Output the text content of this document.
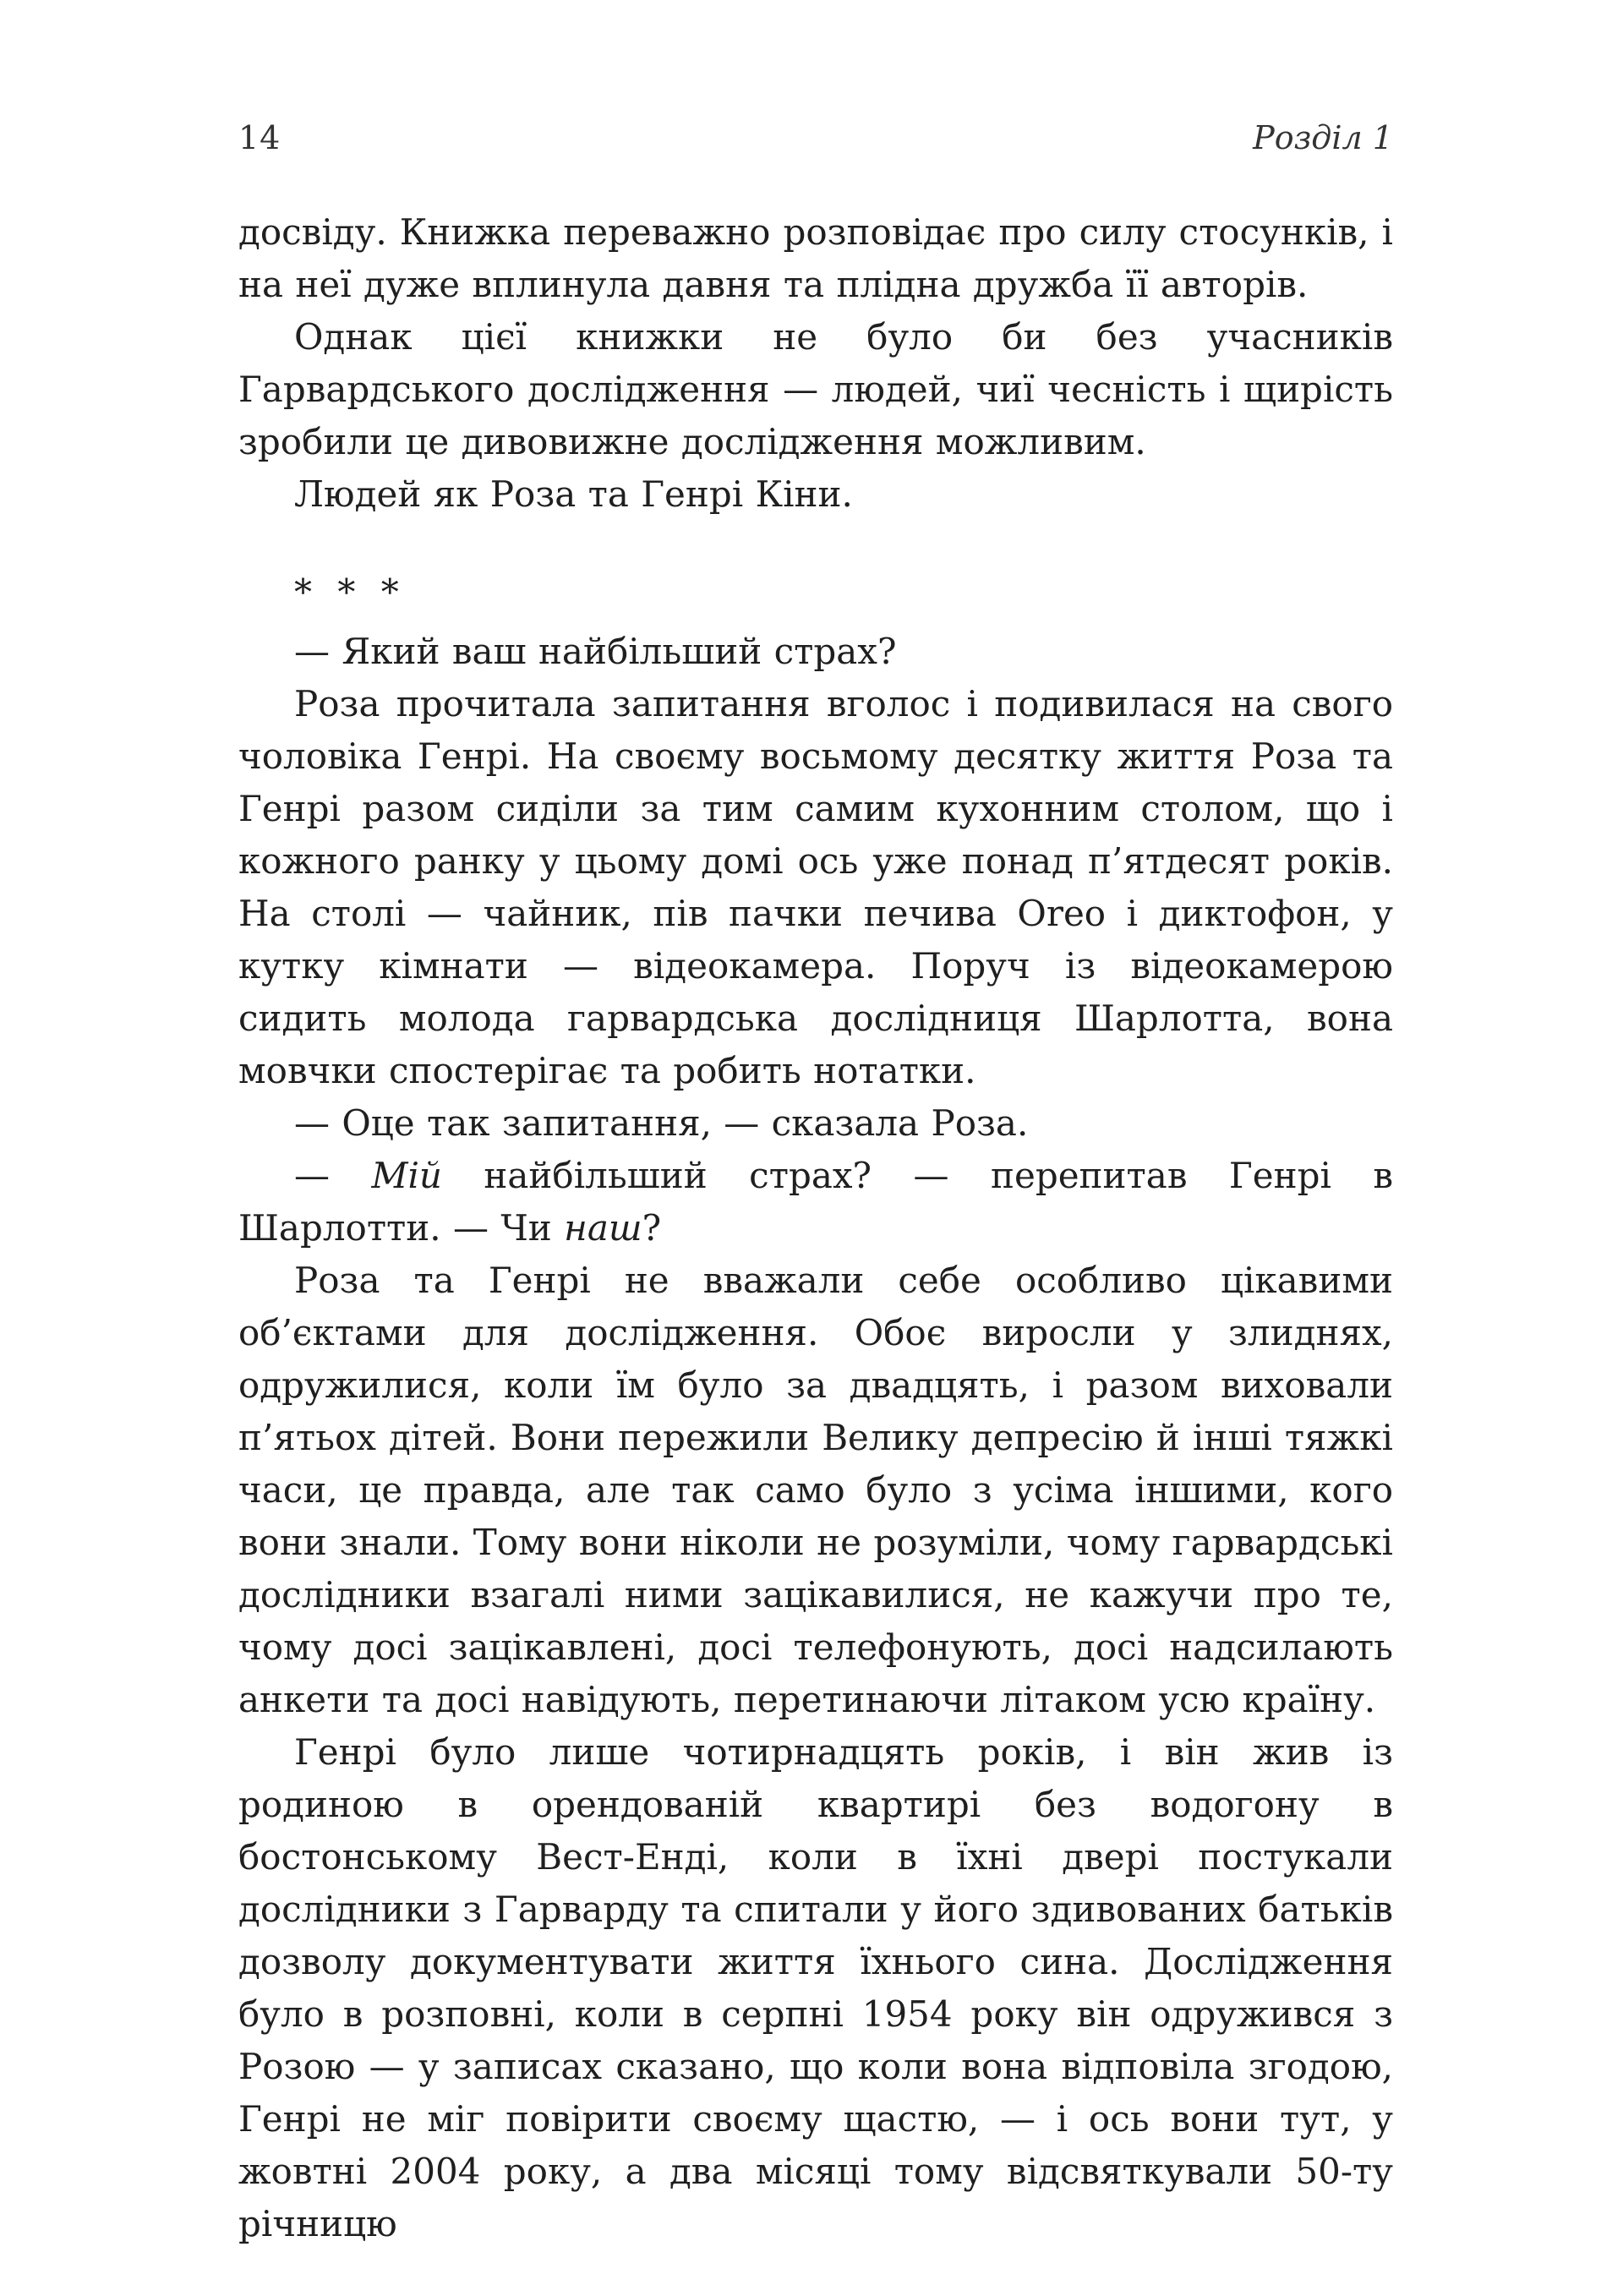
14	Розділ 1

досвіду. Книжка переважно розповідає про силу стосунків, і на неї дуже вплинула давня та плідна дружба її авторів.

Однак цієї книжки не було би без учасників Гарвардського дослідження — людей, чиї чесність і щирість зробили це дивовижне дослідження можливим.

Людей як Роза та Генрі Кіни.

* * *

— Який ваш найбільший страх?

Роза прочитала запитання вголос і подивилася на свого чоловіка Генрі. На своєму восьмому десятку життя Роза та Генрі разом сиділи за тим самим кухонним столом, що і кожного ранку у цьому домі ось уже понад п’ятдесят років. На столі — чайник, пів пачки печива Oreo і диктофон, у кутку кімнати — відеокамера. Поруч із відеокамерою сидить молода гарвардська дослідниця Шарлотта, вона мовчки спостерігає та робить нотатки.

— Оце так запитання, — сказала Роза.

— Мій найбільший страх? — перепитав Генрі в Шарлотти. — Чи наш?

Роза та Генрі не вважали себе особливо цікавими об’єктами для дослідження. Обоє виросли у злиднях, одружилися, коли їм було за двадцять, і разом виховали п’ятьох дітей. Вони пережили Велику депресію й інші тяжкі часи, це правда, але так само було з усіма іншими, кого вони знали. Тому вони ніколи не розуміли, чому гарвардські дослідники взагалі ними зацікавилися, не кажучи про те, чому досі зацікавлені, досі телефонують, досі надсилають анкети та досі навідують, перетинаючи літаком усю країну.

Генрі було лише чотирнадцять років, і він жив із родиною в орендованій квартирі без водогону в бостонському Вест-Енді, коли в їхні двері постукали дослідники з Гарварду та спитали у його здивованих батьків дозволу документувати життя їхнього сина. Дослідження було в розповні, коли в серпні 1954 року він одружився з Розою — у записах сказано, що коли вона відповіла згодою, Генрі не міг повірити своєму щастю, — і ось вони тут, у жовтні 2004 року, а два місяці тому відсвяткували 50-ту річницю
